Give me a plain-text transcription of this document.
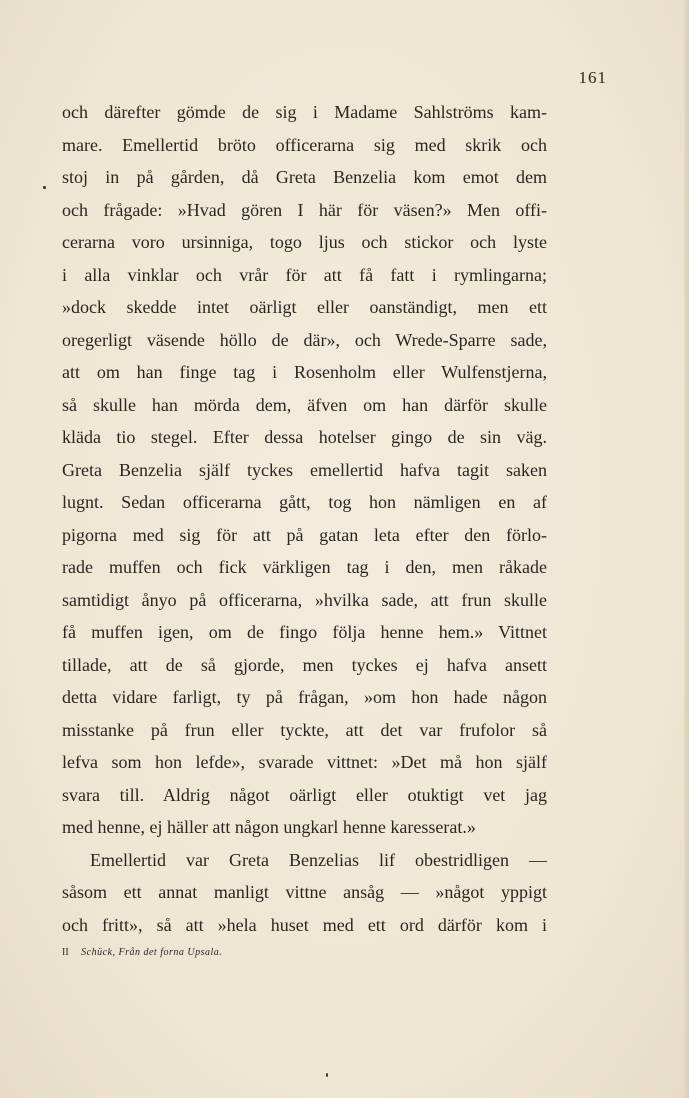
161
och därefter gömde de sig i Madame Sahlströms kam-
mare. Emellertid bröto officerarna sig med skrik och
stoj in på gården, då Greta Benzelia kom emot dem
och frågade: »Hvad gören I här för väsen?» Men offi-
cerarna voro ursinniga, togo ljus och stickor och lyste
i alla vinklar och vrår för att få fatt i rymlingarna;
»dock skedde intet oärligt eller oanständigt, men ett
oregerligt väsende höllo de där», och Wrede-Sparre sade,
att om han finge tag i Rosenholm eller Wulfenstjerna,
så skulle han mörda dem, äfven om han därför skulle
kläda tio stegel. Efter dessa hotelser gingo de sin väg.
Greta Benzelia själf tyckes emellertid hafva tagit saken
lugnt. Sedan officerarna gått, tog hon nämligen en af
pigorna med sig för att på gatan leta efter den förlo-
rade muffen och fick värkligen tag i den, men råkade
samtidigt ånyo på officerarna, »hvilka sade, att frun skulle
få muffen igen, om de fingo följa henne hem.» Vittnet
tillade, att de så gjorde, men tyckes ej hafva ansett
detta vidare farligt, ty på frågan, »om hon hade någon
misstanke på frun eller tyckte, att det var frufolor så
lefva som hon lefde», svarade vittnet: »Det må hon själf
svara till. Aldrig något oärligt eller otuktigt vet jag
med henne, ej häller att någon ungkarl henne karesserat.»
Emellertid var Greta Benzelias lif obestridligen —
såsom ett annat manligt vittne ansåg — »något yppigt
och fritt», så att »hela huset med ett ord därför kom i
II Schück, Från det forna Upsala.
